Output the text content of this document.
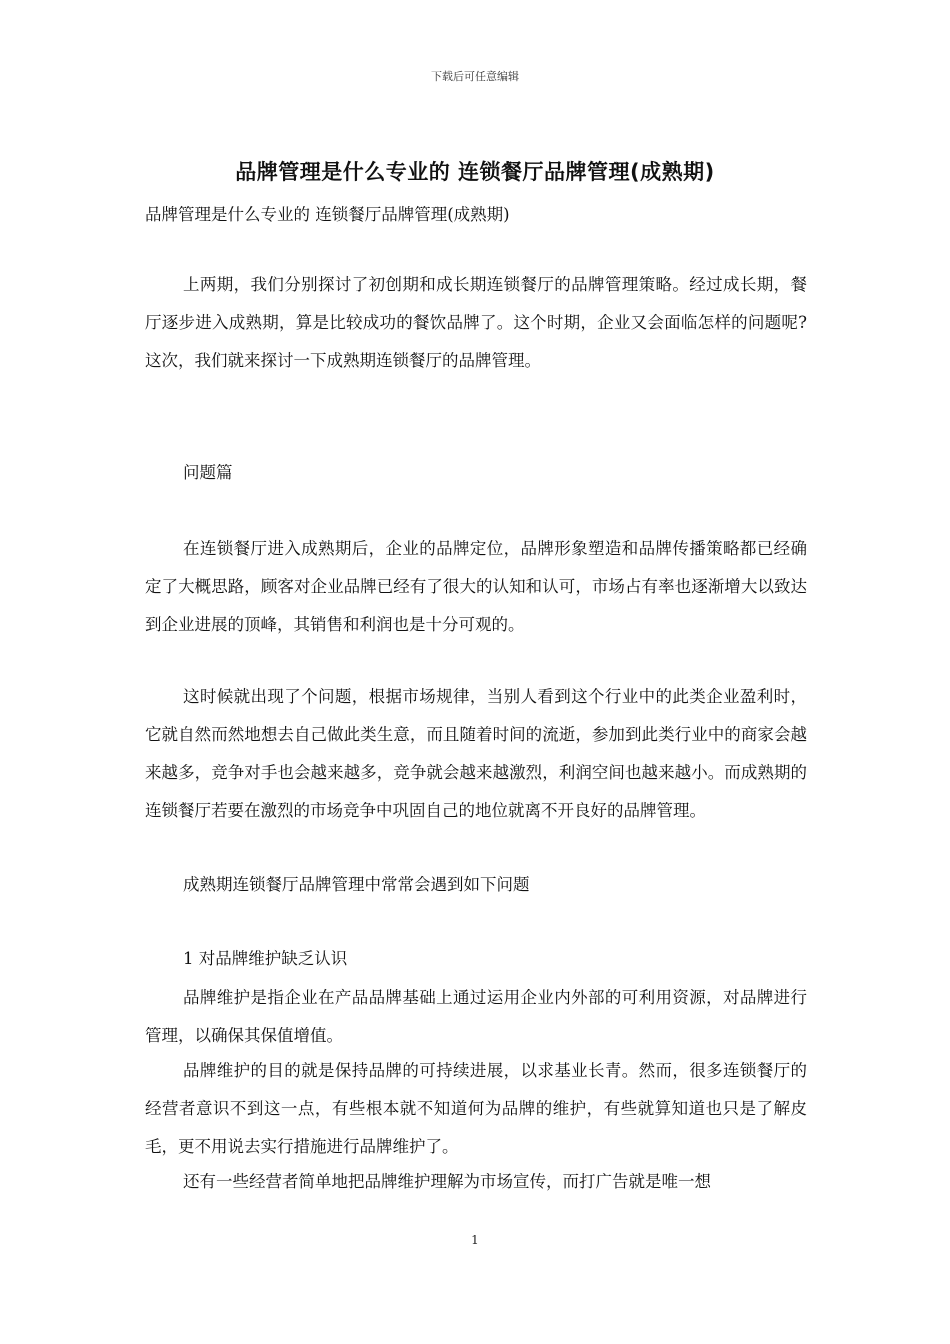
下载后可任意编辑
品牌管理是什么专业的 连锁餐厅品牌管理(成熟期)

品牌管理是什么专业的 连锁餐厅品牌管理(成熟期)

上两期，我们分别探讨了初创期和成长期连锁餐厅的品牌管理策略。经过成长期，餐厅逐步进入成熟期，算是比较成功的餐饮品牌了。这个时期，企业又会面临怎样的问题呢?这次，我们就来探讨一下成熟期连锁餐厅的品牌管理。

问题篇

在连锁餐厅进入成熟期后，企业的品牌定位，品牌形象塑造和品牌传播策略都已经确定了大概思路，顾客对企业品牌已经有了很大的认知和认可，市场占有率也逐渐增大以致达到企业进展的顶峰，其销售和利润也是十分可观的。

这时候就出现了个问题，根据市场规律，当别人看到这个行业中的此类企业盈利时，它就自然而然地想去自己做此类生意，而且随着时间的流逝，参加到此类行业中的商家会越来越多，竞争对手也会越来越多，竞争就会越来越激烈，利润空间也越来越小。而成熟期的连锁餐厅若要在激烈的市场竞争中巩固自己的地位就离不开良好的品牌管理。

成熟期连锁餐厅品牌管理中常常会遇到如下问题

1 对品牌维护缺乏认识

品牌维护是指企业在产品品牌基础上通过运用企业内外部的可利用资源，对品牌进行管理，以确保其保值增值。

品牌维护的目的就是保持品牌的可持续进展，以求基业长青。然而，很多连锁餐厅的经营者意识不到这一点，有些根本就不知道何为品牌的维护，有些就算知道也只是了解皮毛，更不用说去实行措施进行品牌维护了。

还有一些经营者简单地把品牌维护理解为市场宣传，而打广告就是唯一想

1
